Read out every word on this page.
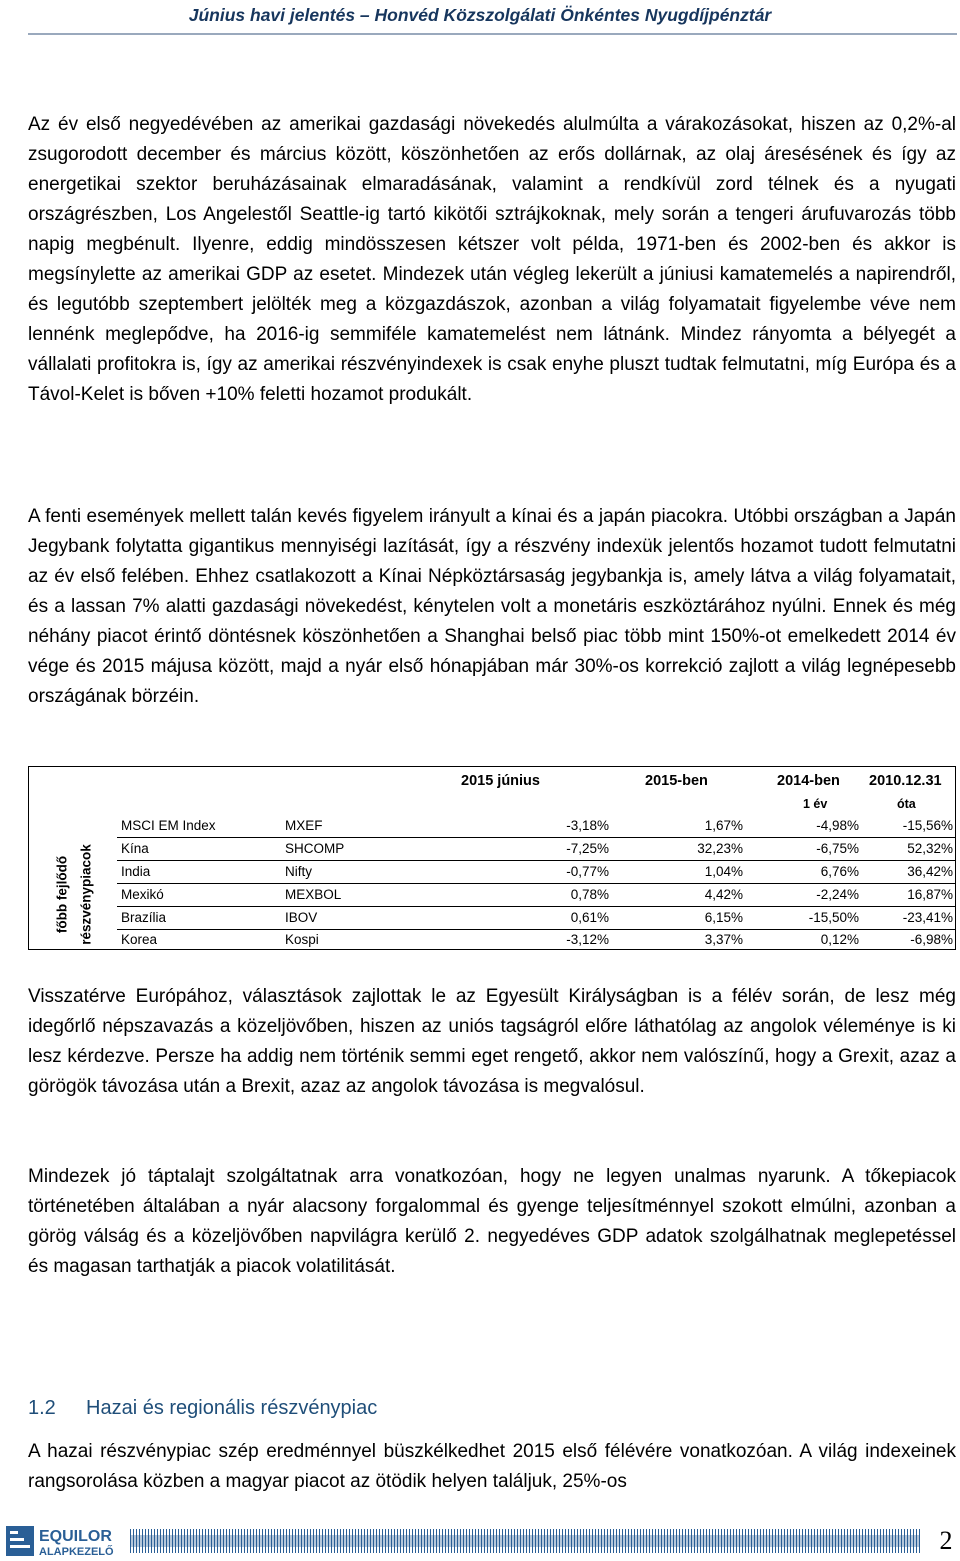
Június havi jelentés – Honvéd Közszolgálati Önkéntes Nyugdíjpénztár

Az év első negyedévében az amerikai gazdasági növekedés alulmúlta a várakozásokat, hiszen az 0,2%-al zsugorodott december és március között, köszönhetően az erős dollárnak, az olaj áresésének és így az energetikai szektor beruházásainak elmaradásának, valamint a rendkívül zord télnek és a nyugati országrészben, Los Angelestől Seattle-ig tartó kikötői sztrájkoknak, mely során a tengeri árufuvarozás több napig megbénult. Ilyenre, eddig mindösszesen kétszer volt példa, 1971-ben és 2002-ben és akkor is megsínylette az amerikai GDP az esetet. Mindezek után végleg lekerült a júniusi kamatemelés a napirendről, és legutóbb szeptembert jelölték meg a közgazdászok, azonban a világ folyamatait figyelembe véve nem lennénk meglepődve, ha 2016-ig semmiféle kamatemelést nem látnánk. Mindez rányomta a bélyegét a vállalati profitokra is, így az amerikai részvényindexek is csak enyhe pluszt tudtak felmutatni, míg Európa és a Távol-Kelet is bőven +10% feletti hozamot produkált.

A fenti események mellett talán kevés figyelem irányult a kínai és a japán piacokra. Utóbbi országban a Japán Jegybank folytatta gigantikus mennyiségi lazítását, így a részvény indexük jelentős hozamot tudott felmutatni az év első felében. Ehhez csatlakozott a Kínai Népköztársaság jegybankja is, amely látva a világ folyamatait, és a lassan 7% alatti gazdasági növekedést, kénytelen volt a monetáris eszköztárához nyúlni. Ennek és még néhány piacot érintő döntésnek köszönhetően a Shanghai belső piac több mint 150%-ot emelkedett 2014 év vége és 2015 májusa között, majd a nyár első hónapjában már 30%-os korrekció zajlott a világ legnépesebb országának börzéin.

főbb fejlődő részvénypiacok
2015 június	2015-ben	2014-ben 2010.12.31
1 év	óta
MSCI EM Index	MXEF	-3,18%	1,67%	-4,98%	-15,56%
Kína	SHCOMP	-7,25%	32,23%	-6,75%	52,32%
India	Nifty	-0,77%	1,04%	6,76%	36,42%
Mexikó	MEXBOL	0,78%	4,42%	-2,24%	16,87%
Brazília	IBOV	0,61%	6,15%	-15,50%	-23,41%
Korea	Kospi	-3,12%	3,37%	0,12%	-6,98%

Visszatérve Európához, választások zajlottak le az Egyesült Királyságban is a félév során, de lesz még idegőrlő népszavazás a közeljövőben, hiszen az uniós tagságról előre láthatólag az angolok véleménye is ki lesz kérdezve. Persze ha addig nem történik semmi eget rengető, akkor nem valószínű, hogy a Grexit, azaz a görögök távozása után a Brexit, azaz az angolok távozása is megvalósul.

Mindezek jó táptalajt szolgáltatnak arra vonatkozóan, hogy ne legyen unalmas nyarunk. A tőkepiacok történetében általában a nyár alacsony forgalommal és gyenge teljesítménnyel szokott elmúlni, azonban a görög válság és a közeljövőben napvilágra kerülő 2. negyedéves GDP adatok szolgálhatnak meglepetéssel és magasan tarthatják a piacok volatilitását.

1.2 Hazai és regionális részvénypiac

A hazai részvénypiac szép eredménnyel büszkélkedhet 2015 első félévére vonatkozóan. A világ indexeinek rangsorolása közben a magyar piacot az ötödik helyen találjuk, 25%-os

EQUILOR
ALAPKEZELŐ	2
